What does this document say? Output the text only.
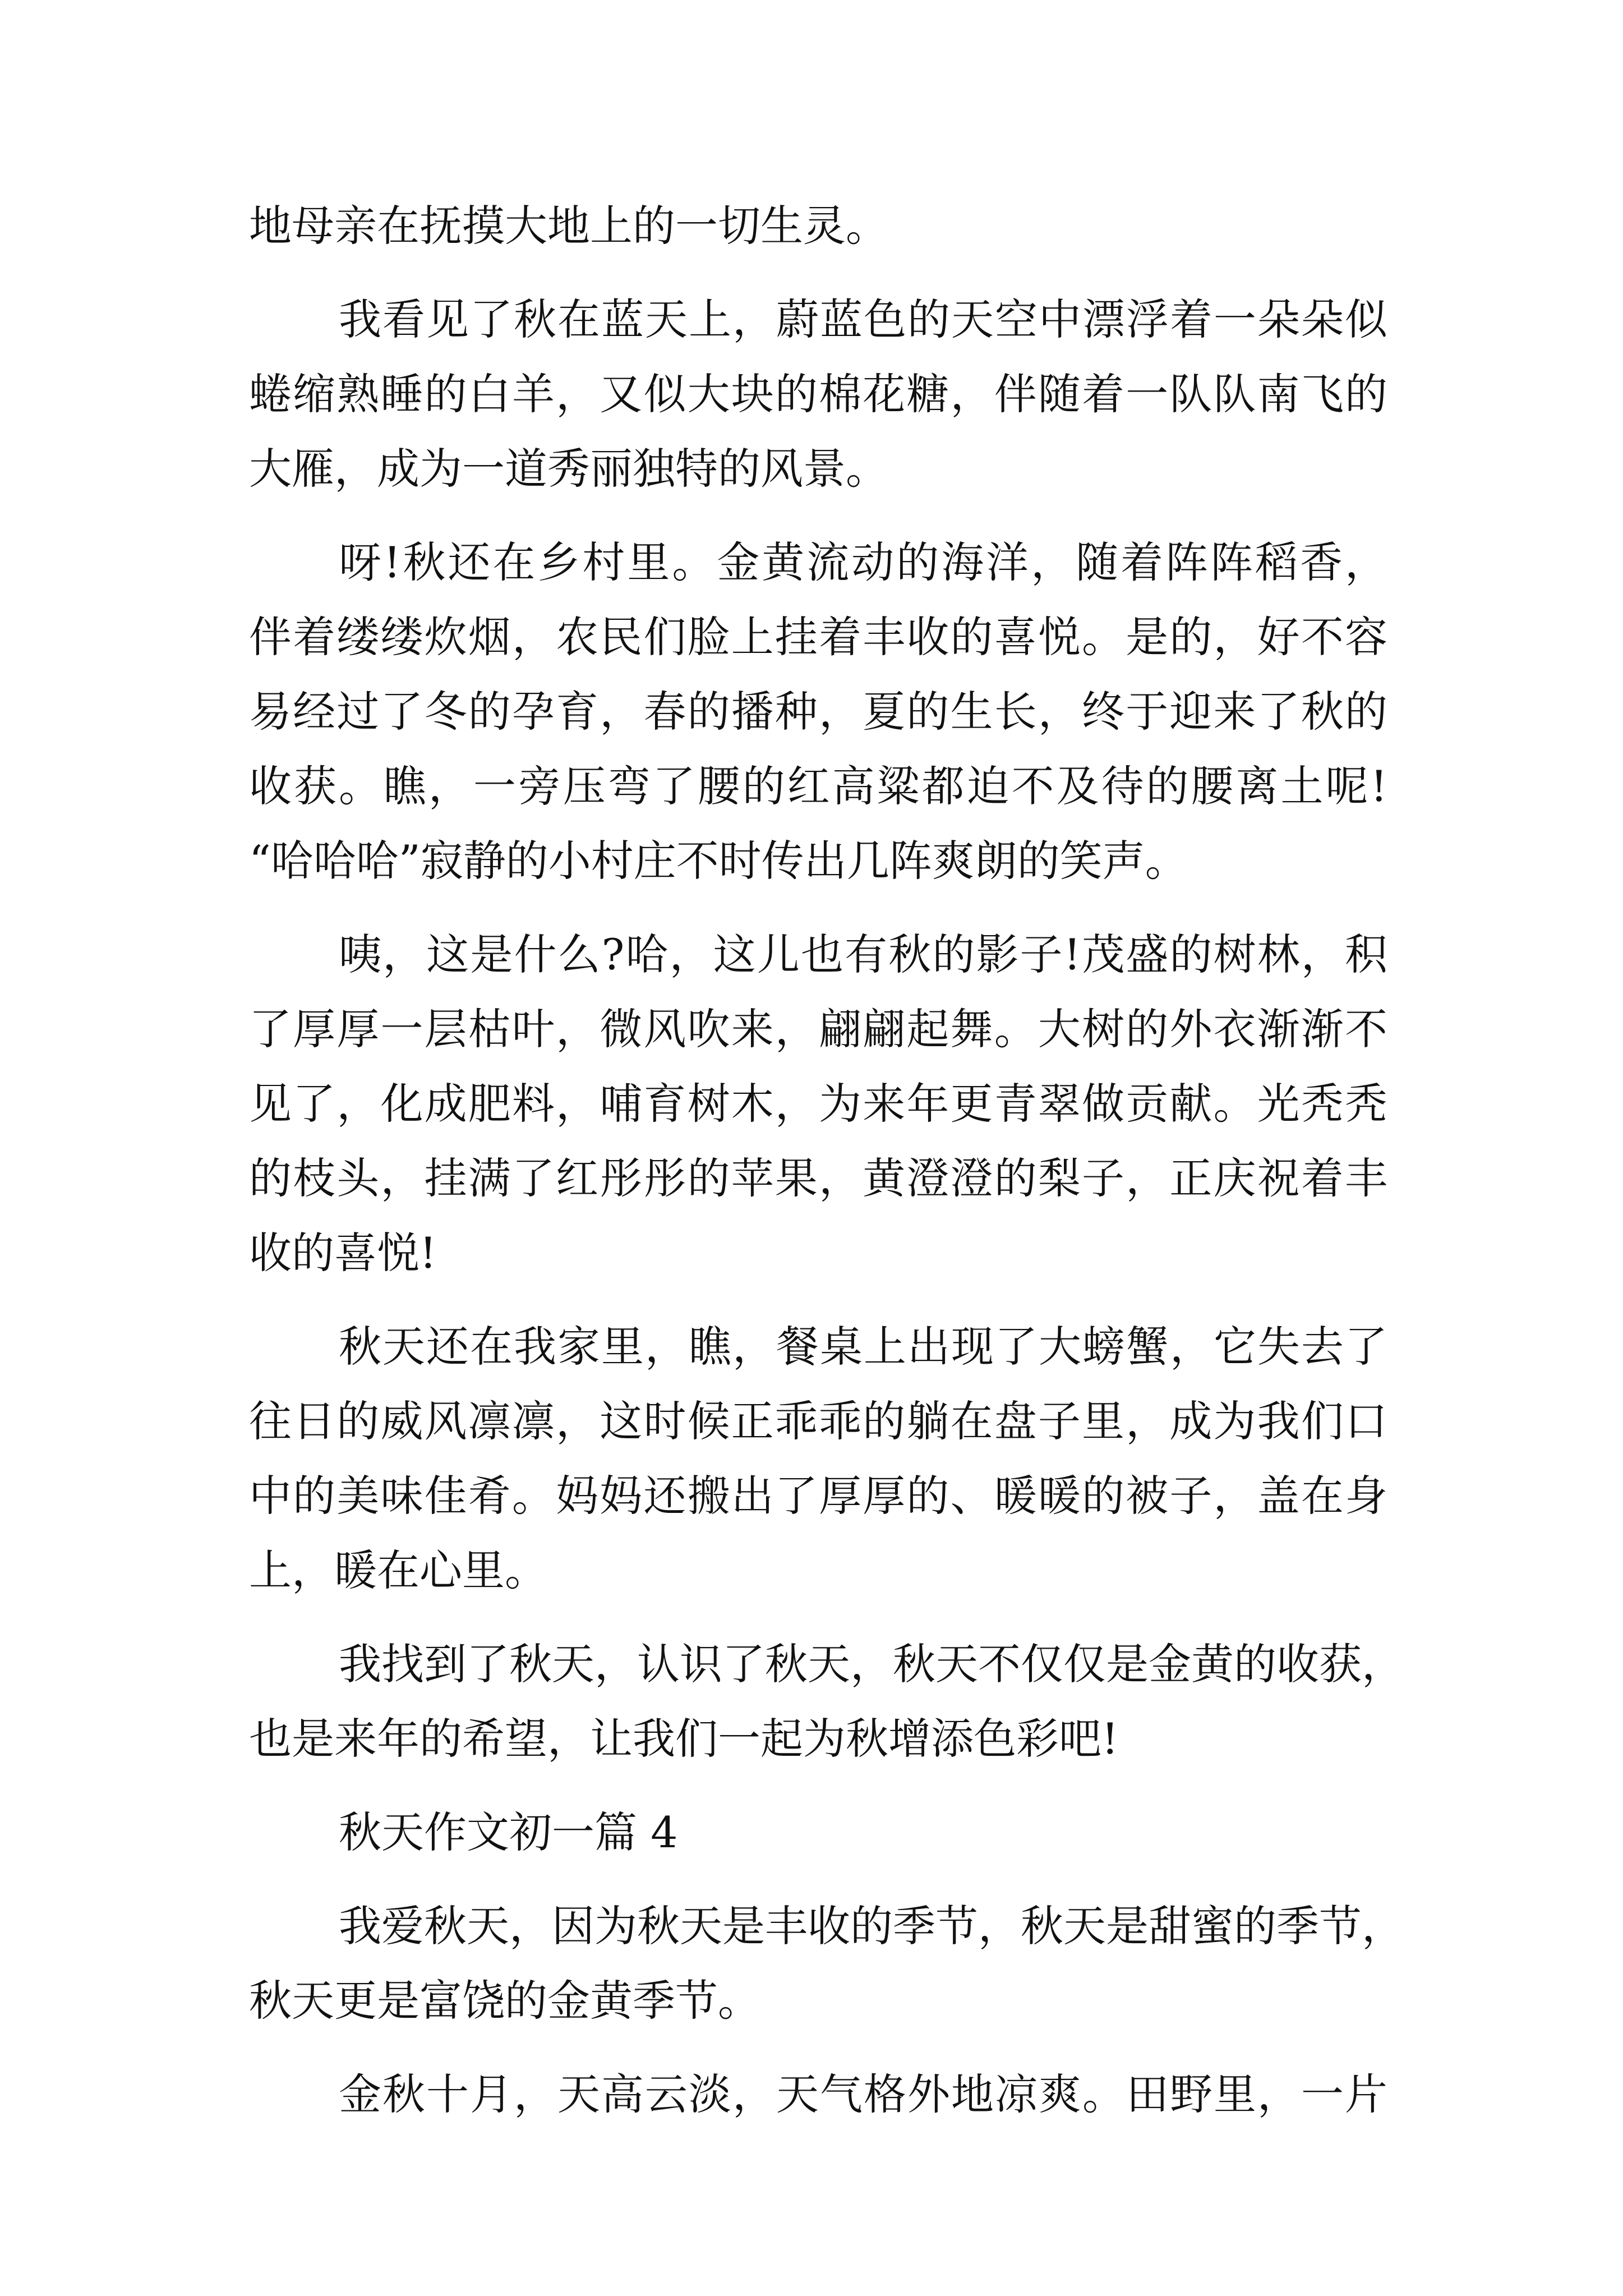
地母亲在抚摸大地上的一切生灵。
我看见了秋在蓝天上，蔚蓝色的天空中漂浮着一朵朵似
蜷缩熟睡的白羊，又似大块的棉花糖，伴随着一队队南飞的
大雁，成为一道秀丽独特的风景。
呀!秋还在乡村里。金黄流动的海洋，随着阵阵稻香，
伴着缕缕炊烟，农民们脸上挂着丰收的喜悦。是的，好不容
易经过了冬的孕育，春的播种，夏的生长，终于迎来了秋的
收获。瞧，一旁压弯了腰的红高粱都迫不及待的腰离土呢!
“哈哈哈”寂静的小村庄不时传出几阵爽朗的笑声。
咦，这是什么?哈，这儿也有秋的影子!茂盛的树林，积
了厚厚一层枯叶，微风吹来，翩翩起舞。大树的外衣渐渐不
见了，化成肥料，哺育树木，为来年更青翠做贡献。光秃秃
的枝头，挂满了红彤彤的苹果，黄澄澄的梨子，正庆祝着丰
收的喜悦!
秋天还在我家里，瞧，餐桌上出现了大螃蟹，它失去了
往日的威风凛凛，这时候正乖乖的躺在盘子里，成为我们口
中的美味佳肴。妈妈还搬出了厚厚的、暖暖的被子，盖在身
上，暖在心里。
我找到了秋天，认识了秋天，秋天不仅仅是金黄的收获，
也是来年的希望，让我们一起为秋增添色彩吧!
秋天作文初一篇 4
我爱秋天，因为秋天是丰收的季节，秋天是甜蜜的季节，
秋天更是富饶的金黄季节。
金秋十月，天高云淡，天气格外地凉爽。田野里，一片
